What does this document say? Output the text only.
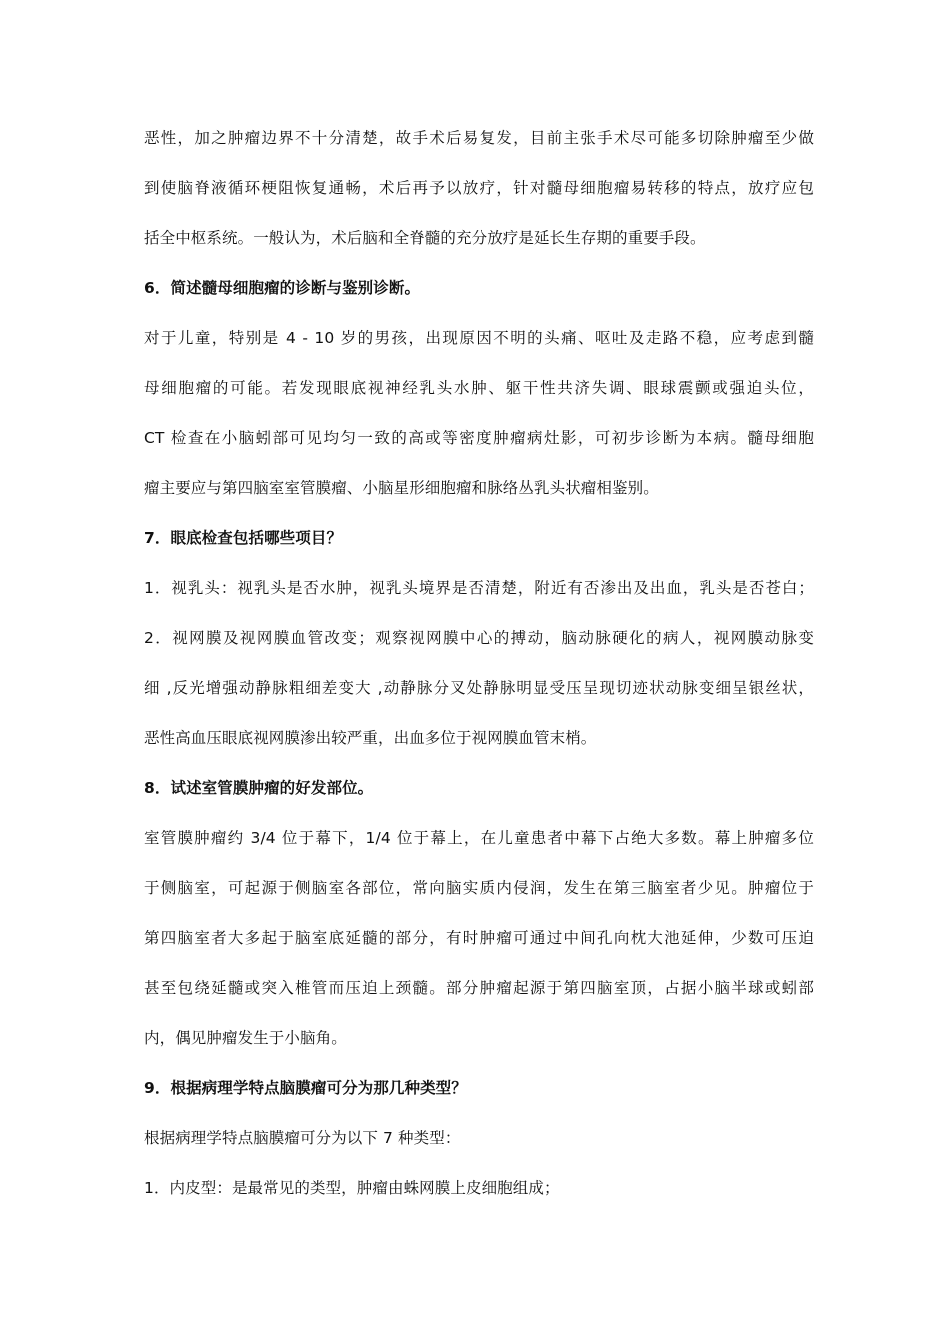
恶性，加之肿瘤边界不十分清楚，故手术后易复发，目前主张手术尽可能多切除肿瘤至少做
到使脑脊液循环梗阻恢复通畅，术后再予以放疗，针对髓母细胞瘤易转移的特点，放疗应包
括全中枢系统。一般认为，术后脑和全脊髓的充分放疗是延长生存期的重要手段。
6．简述髓母细胞瘤的诊断与鉴别诊断。
对于儿童，特别是 4 - 10 岁的男孩，出现原因不明的头痛、呕吐及走路不稳，应考虑到髓
母细胞瘤的可能。若发现眼底视神经乳头水肿、躯干性共济失调、眼球震颤或强迫头位，
CT 检查在小脑蚓部可见均匀一致的高或等密度肿瘤病灶影，可初步诊断为本病。髓母细胞
瘤主要应与第四脑室室管膜瘤、小脑星形细胞瘤和脉络丛乳头状瘤相鉴别。
7．眼底检查包括哪些项目？
1．视乳头：视乳头是否水肿，视乳头境界是否清楚，附近有否渗出及出血，乳头是否苍白；
2．视网膜及视网膜血管改变；观察视网膜中心的搏动，脑动脉硬化的病人，视网膜动脉变
细 ,反光增强动静脉粗细差变大 ,动静脉分叉处静脉明显受压呈现切迹状动脉变细呈银丝状，
恶性高血压眼底视网膜渗出较严重，出血多位于视网膜血管末梢。
8．试述室管膜肿瘤的好发部位。
室管膜肿瘤约 3/4 位于幕下，1/4 位于幕上，在儿童患者中幕下占绝大多数。幕上肿瘤多位
于侧脑室，可起源于侧脑室各部位，常向脑实质内侵润，发生在第三脑室者少见。肿瘤位于
第四脑室者大多起于脑室底延髓的部分，有时肿瘤可通过中间孔向枕大池延伸，少数可压迫
甚至包绕延髓或突入椎管而压迫上颈髓。部分肿瘤起源于第四脑室顶，占据小脑半球或蚓部
内，偶见肿瘤发生于小脑角。
9．根据病理学特点脑膜瘤可分为那几种类型？
根据病理学特点脑膜瘤可分为以下 7 种类型：
1．内皮型：是最常见的类型，肿瘤由蛛网膜上皮细胞组成；
